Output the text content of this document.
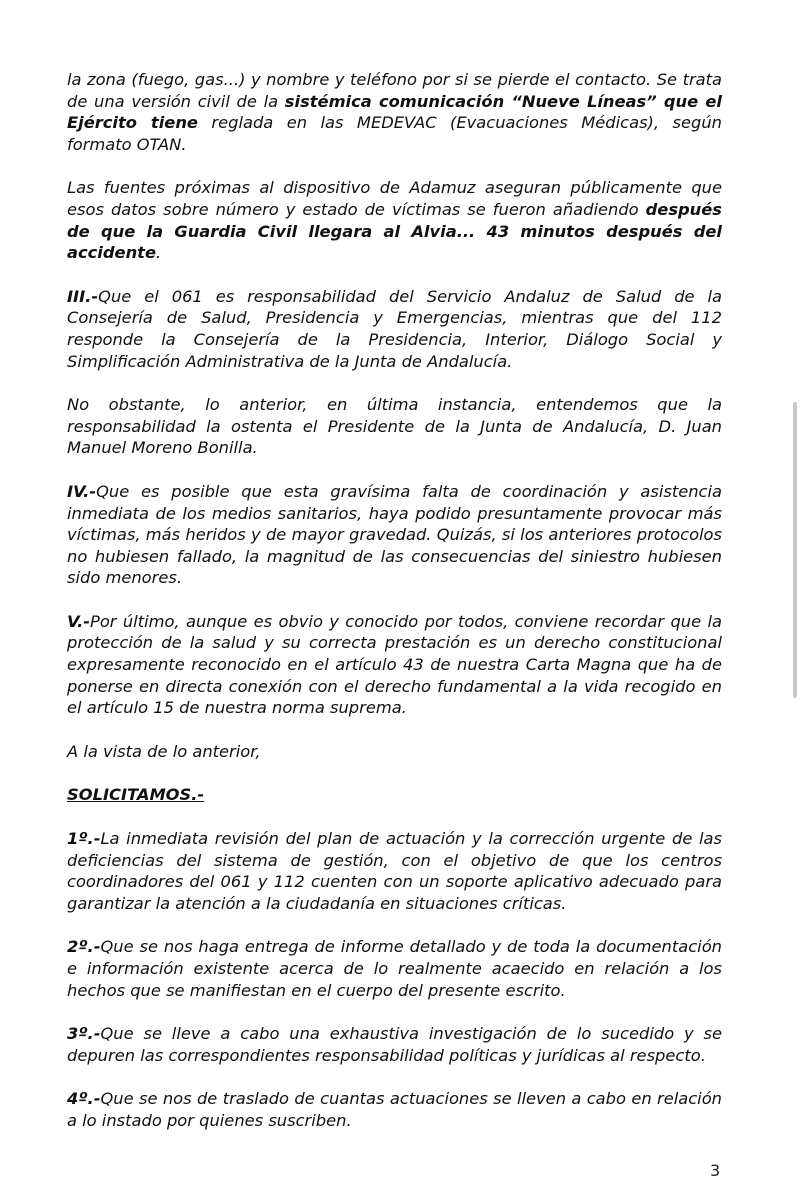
la zona (fuego, gas...) y nombre y teléfono por si se pierde el contacto. Se trata de una versión civil de la sistémica comunicación “Nueve Líneas” que el Ejército tiene reglada en las MEDEVAC (Evacuaciones Médicas), según formato OTAN.

Las fuentes próximas al dispositivo de Adamuz aseguran públicamente que esos datos sobre número y estado de víctimas se fueron añadiendo después de que la Guardia Civil llegara al Alvia... 43 minutos después del accidente.

III.-Que el 061 es responsabilidad del Servicio Andaluz de Salud de la Consejería de Salud, Presidencia y Emergencias, mientras que del 112 responde la Consejería de la Presidencia, Interior, Diálogo Social y Simplificación Administrativa de la Junta de Andalucía.

No obstante, lo anterior, en última instancia, entendemos que la responsabilidad la ostenta el Presidente de la Junta de Andalucía, D. Juan Manuel Moreno Bonilla.

IV.-Que es posible que esta gravísima falta de coordinación y asistencia inmediata de los medios sanitarios, haya podido presuntamente provocar más víctimas, más heridos y de mayor gravedad. Quizás, si los anteriores protocolos no hubiesen fallado, la magnitud de las consecuencias del siniestro hubiesen sido menores.

V.-Por último, aunque es obvio y conocido por todos, conviene recordar que la protección de la salud y su correcta prestación es un derecho constitucional expresamente reconocido en el artículo 43 de nuestra Carta Magna que ha de ponerse en directa conexión con el derecho fundamental a la vida recogido en el artículo 15 de nuestra norma suprema.

A la vista de lo anterior,

SOLICITAMOS.-

1º.-La inmediata revisión del plan de actuación y la corrección urgente de las deficiencias del sistema de gestión, con el objetivo de que los centros coordinadores del 061 y 112 cuenten con un soporte aplicativo adecuado para garantizar la atención a la ciudadanía en situaciones críticas.

2º.-Que se nos haga entrega de informe detallado y de toda la documentación e información existente acerca de lo realmente acaecido en relación a los hechos que se manifiestan en el cuerpo del presente escrito.

3º.-Que se lleve a cabo una exhaustiva investigación de lo sucedido y se depuren las correspondientes responsabilidad políticas y jurídicas al respecto.

4º.-Que se nos de traslado de cuantas actuaciones se lleven a cabo en relación a lo instado por quienes suscriben.

3
